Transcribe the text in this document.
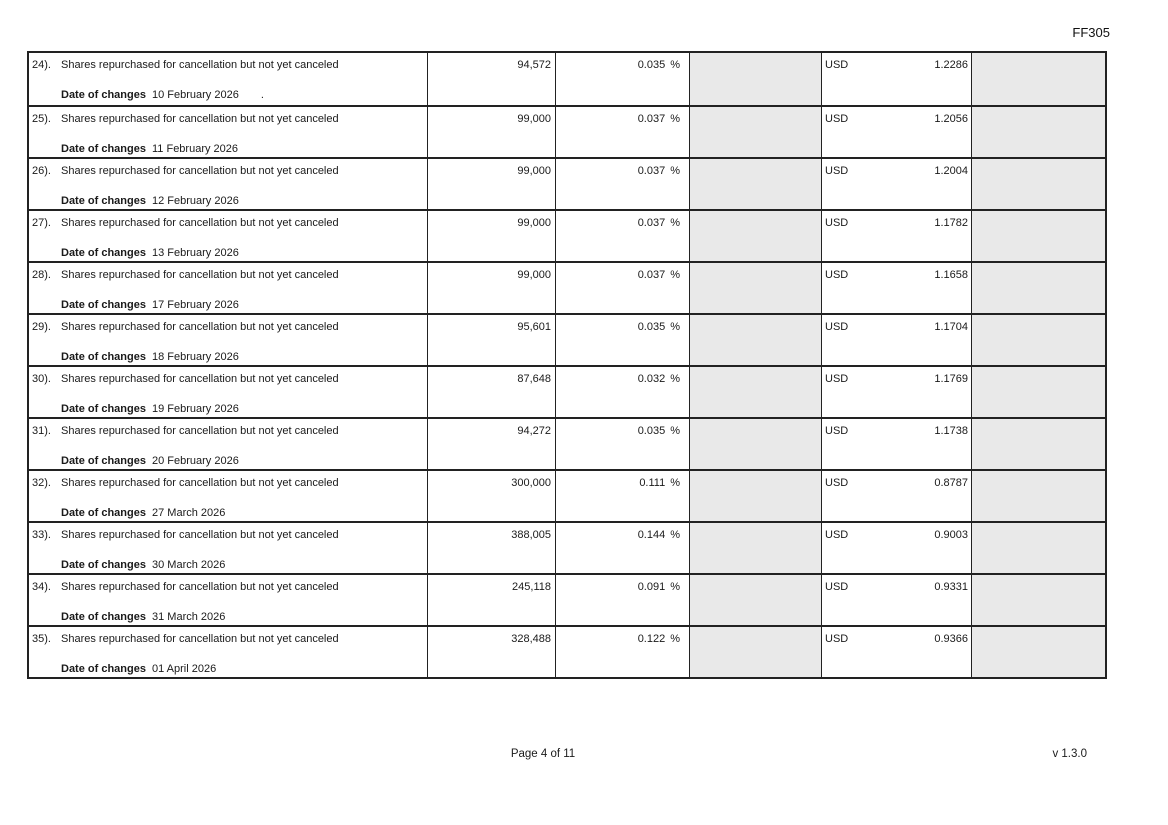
FF305
24). Shares repurchased for cancellation but not yet canceled
Date of changes 10 February 2026 .
94,572	0.035 %	USD	1.2286
25). Shares repurchased for cancellation but not yet canceled
Date of changes 11 February 2026
99,000	0.037 %	USD	1.2056
26). Shares repurchased for cancellation but not yet canceled
Date of changes 12 February 2026
99,000	0.037 %	USD	1.2004
27). Shares repurchased for cancellation but not yet canceled
Date of changes 13 February 2026
99,000	0.037 %	USD	1.1782
28). Shares repurchased for cancellation but not yet canceled
Date of changes 17 February 2026
99,000	0.037 %	USD	1.1658
29). Shares repurchased for cancellation but not yet canceled
Date of changes 18 February 2026
95,601	0.035 %	USD	1.1704
30). Shares repurchased for cancellation but not yet canceled
Date of changes 19 February 2026
87,648	0.032 %	USD	1.1769
31). Shares repurchased for cancellation but not yet canceled
Date of changes 20 February 2026
94,272	0.035 %	USD	1.1738
32). Shares repurchased for cancellation but not yet canceled
Date of changes 27 March 2026
300,000	0.111 %	USD	0.8787
33). Shares repurchased for cancellation but not yet canceled
Date of changes 30 March 2026
388,005	0.144 %	USD	0.9003
34). Shares repurchased for cancellation but not yet canceled
Date of changes 31 March 2026
245,118	0.091 %	USD	0.9331
35). Shares repurchased for cancellation but not yet canceled
Date of changes 01 April 2026
328,488	0.122 %	USD	0.9366
Page 4 of 11	v 1.3.0
